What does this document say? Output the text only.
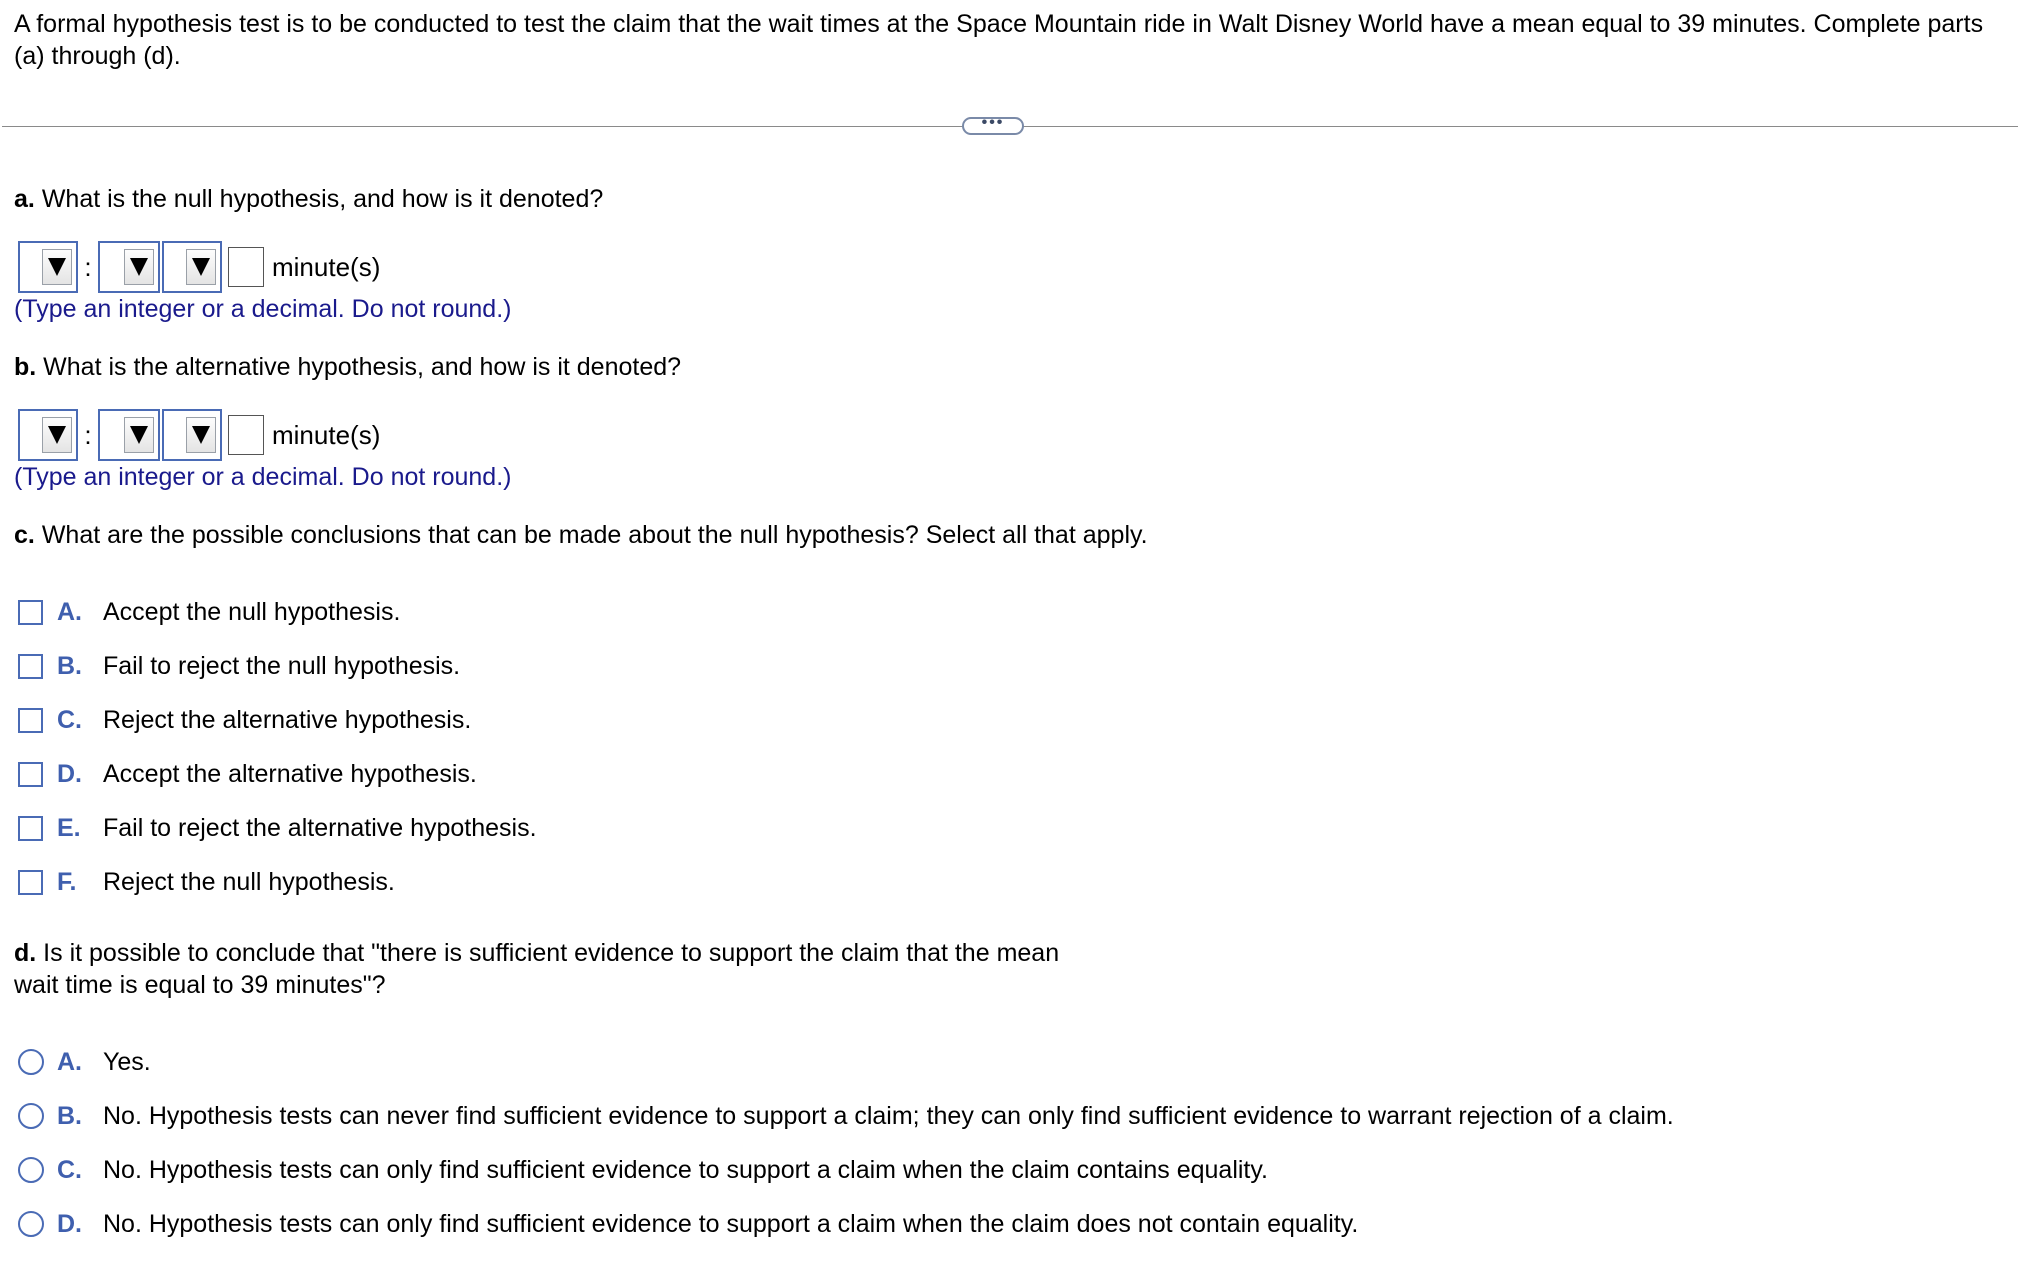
A formal hypothesis test is to be conducted to test the claim that the wait times at the Space Mountain ride in Walt Disney World have a mean equal to 39 minutes. Complete parts (a) through (d).
•••
a. What is the null hypothesis, and how is it denoted?
:	minute(s)
(Type an integer or a decimal. Do not round.)
b. What is the alternative hypothesis, and how is it denoted?
:	minute(s)
(Type an integer or a decimal. Do not round.)
c. What are the possible conclusions that can be made about the null hypothesis? Select all that apply.
A. Accept the null hypothesis.
B. Fail to reject the null hypothesis.
C. Reject the alternative hypothesis.
D. Accept the alternative hypothesis.
E. Fail to reject the alternative hypothesis.
F.	Reject the null hypothesis.
d. Is it possible to conclude that "there is sufficient evidence to support the claim that the mean
wait time is equal to 39 minutes"?
A. Yes.
B. No. Hypothesis tests can never find sufficient evidence to support a claim; they can only find sufficient evidence to warrant rejection of a claim.
C. No. Hypothesis tests can only find sufficient evidence to support a claim when the claim contains equality.
D. No. Hypothesis tests can only find sufficient evidence to support a claim when the claim does not contain equality.
